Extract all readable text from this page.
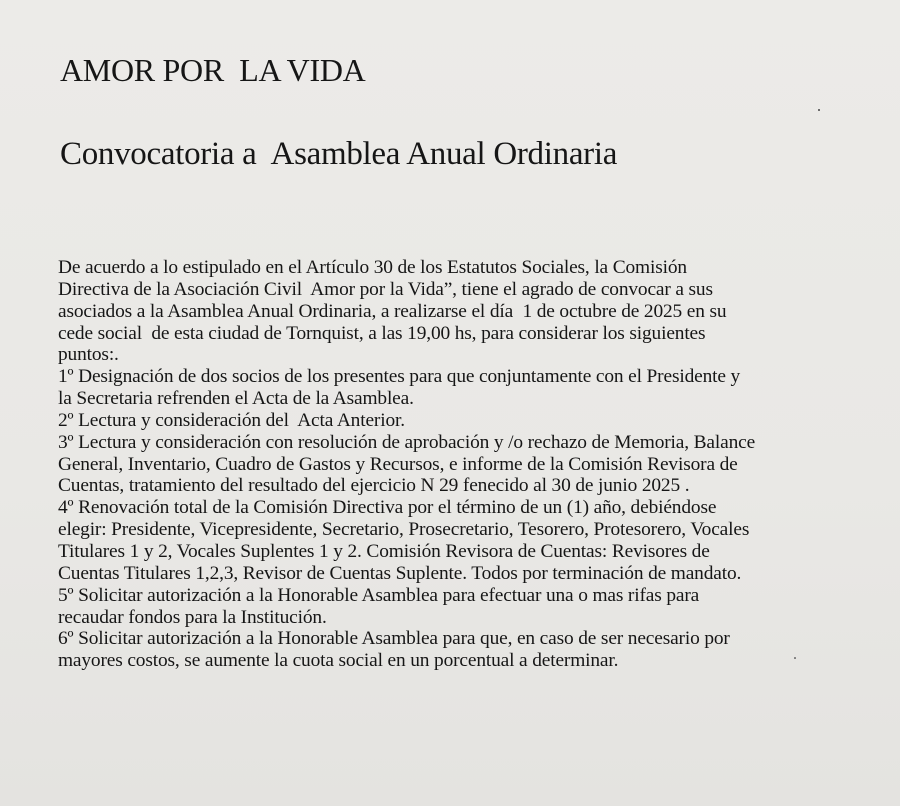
AMOR POR  LA VIDA
Convocatoria a  Asamblea Anual Ordinaria
De acuerdo a lo estipulado en el Artículo 30 de los Estatutos Sociales, la Comisión
Directiva de la Asociación Civil  Amor por la Vida”, tiene el agrado de convocar a sus
asociados a la Asamblea Anual Ordinaria, a realizarse el día  1 de octubre de 2025 en su
cede social  de esta ciudad de Tornquist, a las 19,00 hs, para considerar los siguientes
puntos:.
1º Designación de dos socios de los presentes para que conjuntamente con el Presidente y
la Secretaria refrenden el Acta de la Asamblea.
2º Lectura y consideración del  Acta Anterior.
3º Lectura y consideración con resolución de aprobación y /o rechazo de Memoria, Balance
General, Inventario, Cuadro de Gastos y Recursos, e informe de la Comisión Revisora de
Cuentas, tratamiento del resultado del ejercicio N 29 fenecido al 30 de junio 2025 .
4º Renovación total de la Comisión Directiva por el término de un (1) año, debiéndose
elegir: Presidente, Vicepresidente, Secretario, Prosecretario, Tesorero, Protesorero, Vocales
Titulares 1 y 2, Vocales Suplentes 1 y 2. Comisión Revisora de Cuentas: Revisores de
Cuentas Titulares 1,2,3, Revisor de Cuentas Suplente. Todos por terminación de mandato.
5º Solicitar autorización a la Honorable Asamblea para efectuar una o mas rifas para
recaudar fondos para la Institución.
6º Solicitar autorización a la Honorable Asamblea para que, en caso de ser necesario por
mayores costos, se aumente la cuota social en un porcentual a determinar.
